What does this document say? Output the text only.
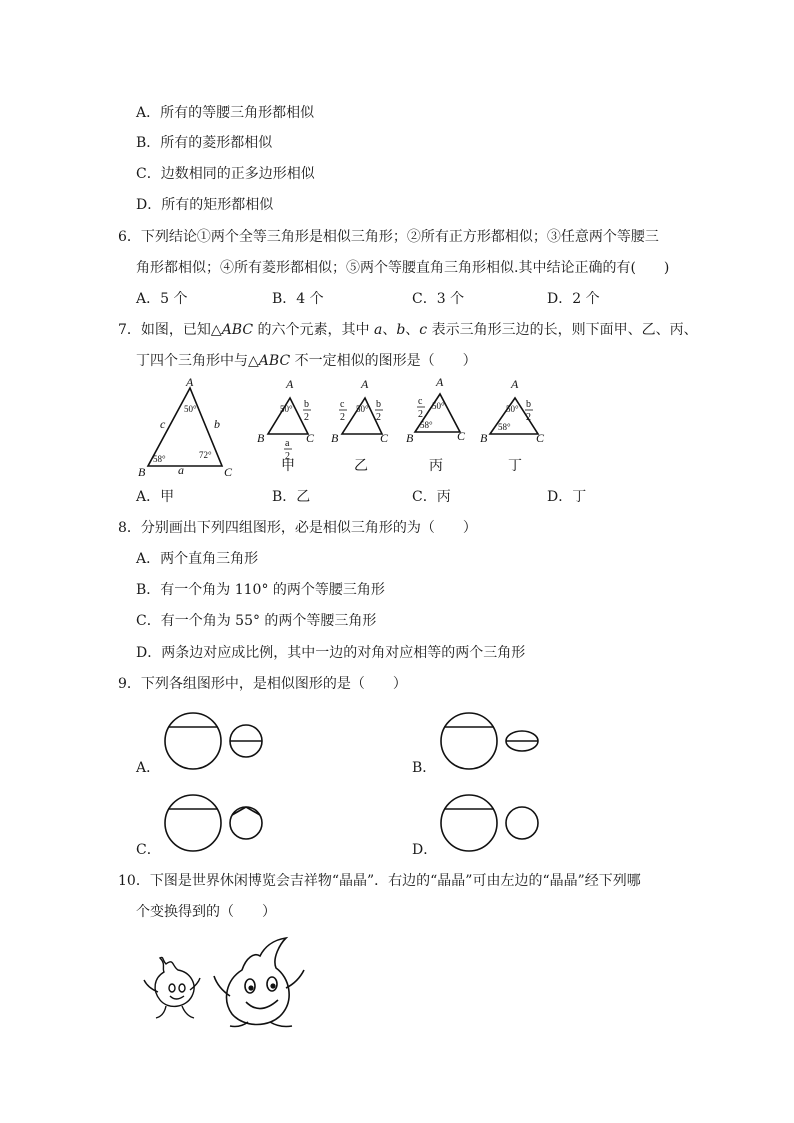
A．所有的等腰三角形都相似
B．所有的菱形都相似
C．边数相同的正多边形相似
D．所有的矩形都相似
6．下列结论①两个全等三角形是相似三角形；②所有正方形都相似；③任意两个等腰三
角形都相似；④所有菱形都相似；⑤两个等腰直角三角形相似.其中结论正确的有(　　)
A．5 个	B．4 个	C．3 个	D．2 个
7．如图，已知△ABC 的六个元素，其中 a、b、c 表示三角形三边的长，则下面甲、乙、丙、
丁四个三角形中与△ABC 不一定相似的图形是（　　）
A
B	C
c	b
a
50°
58°	72°
A
B	C
50° b
2
a
2
甲
A
B	C
50°
c
2
b
2
乙
A
B	C
50°
58°
c
2
丙
A
B	C
50°
58°
b
2
丁
A．甲	B．乙	C．丙	D．丁
8．分别画出下列四组图形，必是相似三角形的为（　　）
A．两个直角三角形
B．有一个角为 110° 的两个等腰三角形
C．有一个角为 55° 的两个等腰三角形
D．两条边对应成比例，其中一边的对角对应相等的两个三角形
9．下列各组图形中，是相似图形的是（　　）
A．	B．
C．	D．
10．下图是世界休闲博览会吉祥物“晶晶”．右边的“晶晶”可由左边的“晶晶”经下列哪
个变换得到的（　　）
